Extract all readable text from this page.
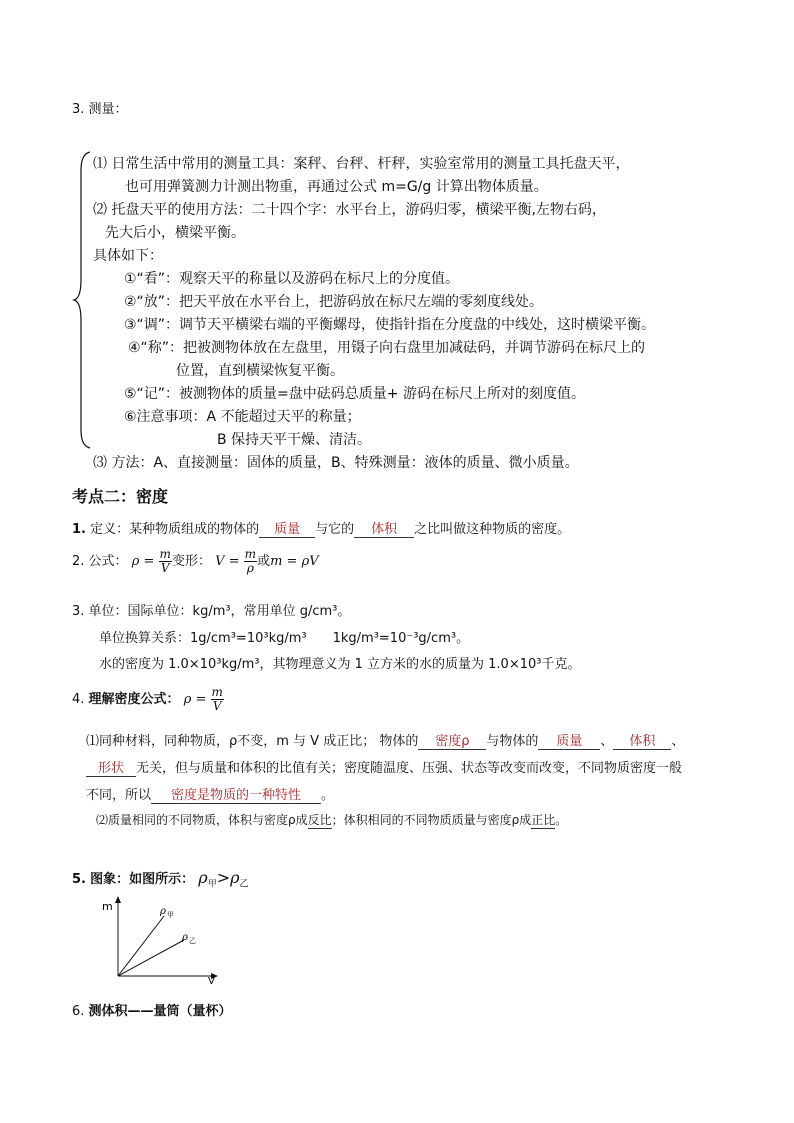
3. 测量：
⑴ 日常生活中常用的测量工具：案秤、台秤、杆秤，实验室常用的测量工具托盘天平，
也可用弹簧测力计测出物重，再通过公式 m=G/g 计算出物体质量。
⑵ 托盘天平的使用方法：二十四个字：水平台上，游码归零，横梁平衡,左物右码，
先大后小，横梁平衡。
具体如下：
①“看”：观察天平的称量以及游码在标尺上的分度值。
②“放”：把天平放在水平台上，把游码放在标尺左端的零刻度线处。
③“调”：调节天平横梁右端的平衡螺母，使指针指在分度盘的中线处，这时横梁平衡。
④“称”：把被测物体放在左盘里，用镊子向右盘里加减砝码，并调节游码在标尺上的
位置，直到横梁恢复平衡。
⑤“记”：被测物体的质量=盘中砝码总质量+ 游码在标尺上所对的刻度值。
⑥注意事项：A 不能超过天平的称量；
B 保持天平干燥、清洁。
⑶ 方法：A、直接测量：固体的质量，B、特殊测量：液体的质量、微小质量。
考点二：密度
1. 定义：某种物质组成的物体的 质量 与它的 体积 之比叫做这种物质的密度。
2. 公式： $\rho = \frac{m}{V}$ 变形： $V = \frac{m}{\rho}$ 或m = ρV
3. 单位：国际单位：kg/m³，常用单位 g/cm³。
单位换算关系：1g/cm³=10³kg/m³　　1kg/m³=10⁻³g/cm³。
水的密度为 1.0×10³kg/m³，其物理意义为 1 立方米的水的质量为 1.0×10³千克。
4. 理解密度公式： $\rho = \frac{m}{V}$
⑴同种材料，同种物质，ρ不变，m 与 V 成正比； 物体的 密度ρ 与物体的 质量 、 体积 、
形状 无关，但与质量和体积的比值有关；密度随温度、压强、状态等改变而改变，不同物质密度一般
不同，所以 密度是物质的一种特性 。
⑵质量相同的不同物质，体积与密度ρ成反比；体积相同的不同物质质量与密度ρ成正比。
5. 图象：如图所示： $\rho_甲>\rho_乙$
m
V
ρ 甲
ρ 乙
6. 测体积——量筒（量杯）
